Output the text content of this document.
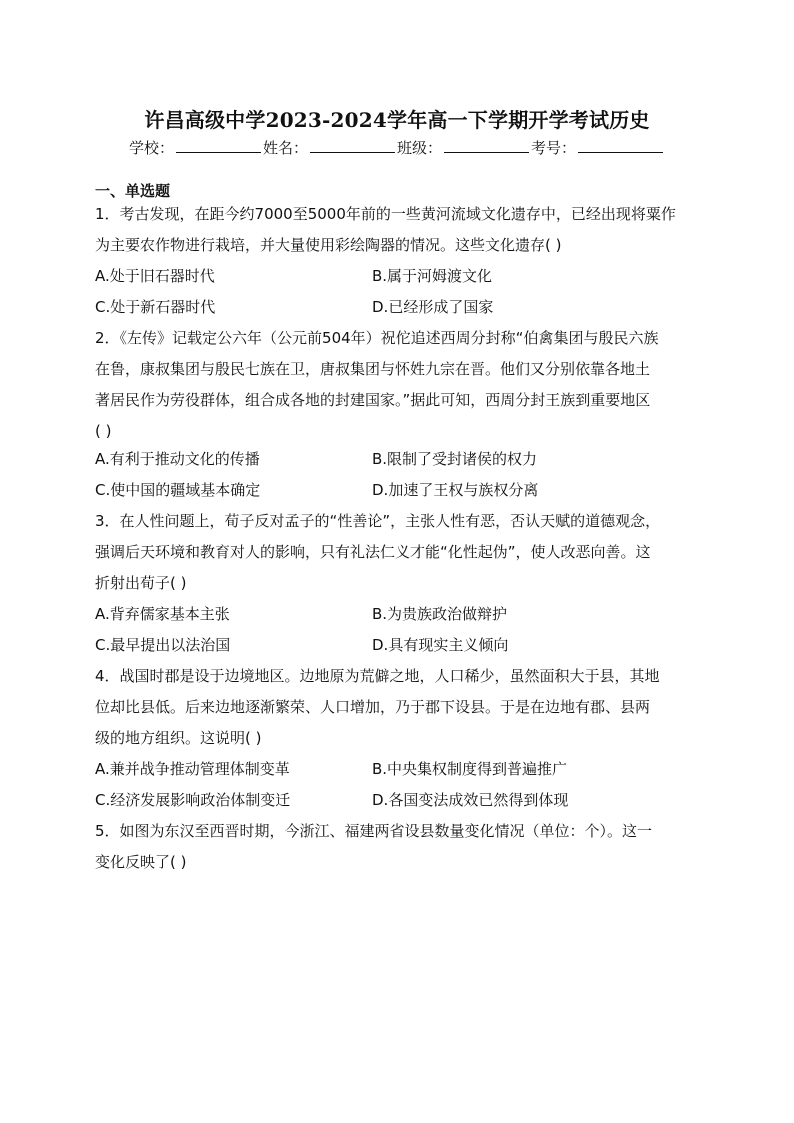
许昌高级中学2023-2024学年高一下学期开学考试历史
学校：	姓名：	班级：	考号：
一、单选题
1．考古发现，在距今约7000至5000年前的一些黄河流域文化遗存中，已经出现将粟作
为主要农作物进行栽培，并大量使用彩绘陶器的情况。这些文化遗存( )
A.处于旧石器时代	B.属于河姆渡文化
C.处于新石器时代	D.已经形成了国家
2．《左传》记载定公六年（公元前504年）祝佗追述西周分封称“伯禽集团与殷民六族
在鲁，康叔集团与殷民七族在卫，唐叔集团与怀姓九宗在晋。他们又分别依靠各地土
著居民作为劳役群体，组合成各地的封建国家。”据此可知，西周分封王族到重要地区
( )
A.有利于推动文化的传播	B.限制了受封诸侯的权力
C.使中国的疆域基本确定	D.加速了王权与族权分离
3．在人性问题上，荀子反对孟子的“性善论”，主张人性有恶，否认天赋的道德观念，
强调后天环境和教育对人的影响，只有礼法仁义才能“化性起伪”，使人改恶向善。这
折射出荀子( )
A.背弃儒家基本主张	B.为贵族政治做辩护
C.最早提出以法治国	D.具有现实主义倾向
4．战国时郡是设于边境地区。边地原为荒僻之地，人口稀少，虽然面积大于县，其地
位却比县低。后来边地逐渐繁荣、人口增加，乃于郡下设县。于是在边地有郡、县两
级的地方组织。这说明( )
A.兼并战争推动管理体制变革	B.中央集权制度得到普遍推广
C.经济发展影响政治体制变迁	D.各国变法成效已然得到体现
5．如图为东汉至西晋时期，今浙江、福建两省设县数量变化情况（单位：个）。这一
变化反映了( )
